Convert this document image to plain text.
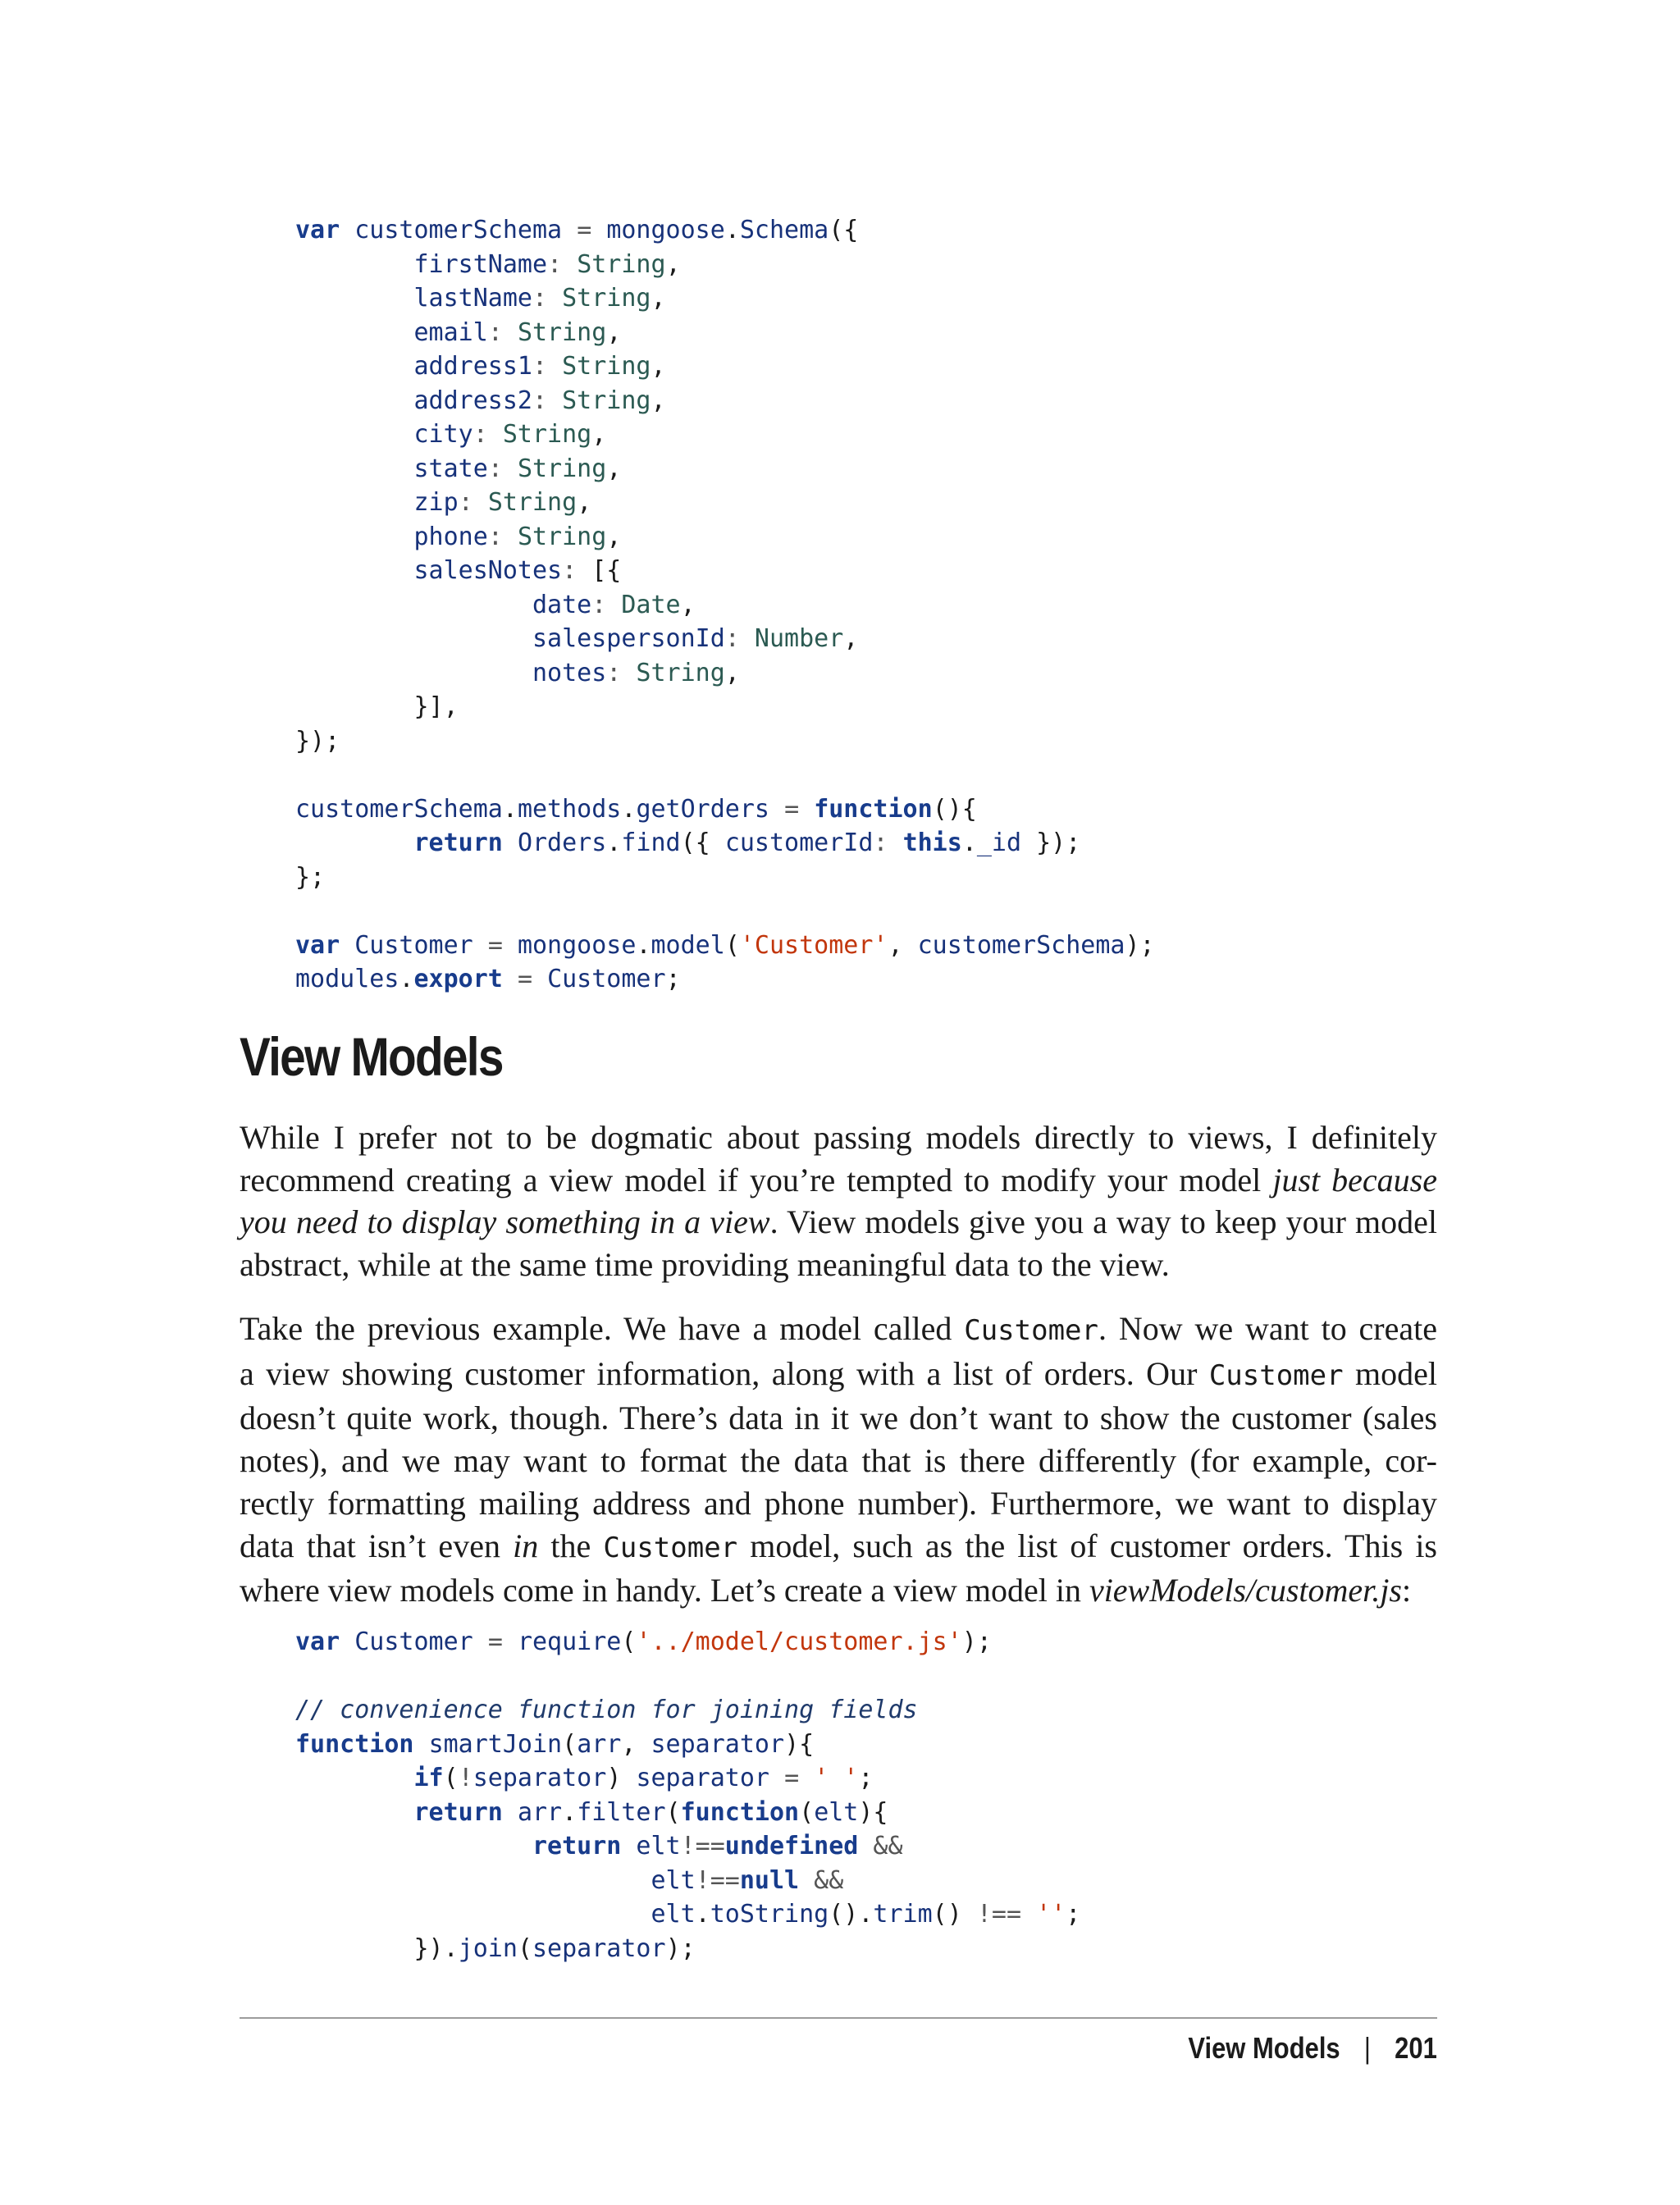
var customerSchema = mongoose.Schema({
firstName: String,
lastName: String,
email: String,
address1: String,
address2: String,
city: String,
state: String,
zip: String,
phone: String,
salesNotes: [{
date: Date,
salespersonId: Number,
notes: String,
}],
});

customerSchema.methods.getOrders = function(){
return Orders.find({ customerId: this._id });
};

var Customer = mongoose.model('Customer', customerSchema);
modules.export = Customer;
View Models
While I prefer not to be dogmatic about passing models directly to views, I definitely
recommend creating a view model if you’re tempted to modify your model just because
you need to display something in a view. View models give you a way to keep your model
abstract, while at the same time providing meaningful data to the view.
Take the previous example. We have a model called Customer. Now we want to create
a view showing customer information, along with a list of orders. Our Customer model
doesn’t quite work, though. There’s data in it we don’t want to show the customer (sales
notes), and we may want to format the data that is there differently (for example, cor-
rectly formatting mailing address and phone number). Furthermore, we want to display
data that isn’t even in the Customer model, such as the list of customer orders. This is
where view models come in handy. Let’s create a view model in viewModels/customer.js:
var Customer = require('../model/customer.js');

// convenience function for joining fields
function smartJoin(arr, separator){
if(!separator) separator = ' ';
return arr.filter(function(elt){
return elt!==undefined &&
elt!==null &&
elt.toString().trim() !== '';
}).join(separator);
View Models | 201
